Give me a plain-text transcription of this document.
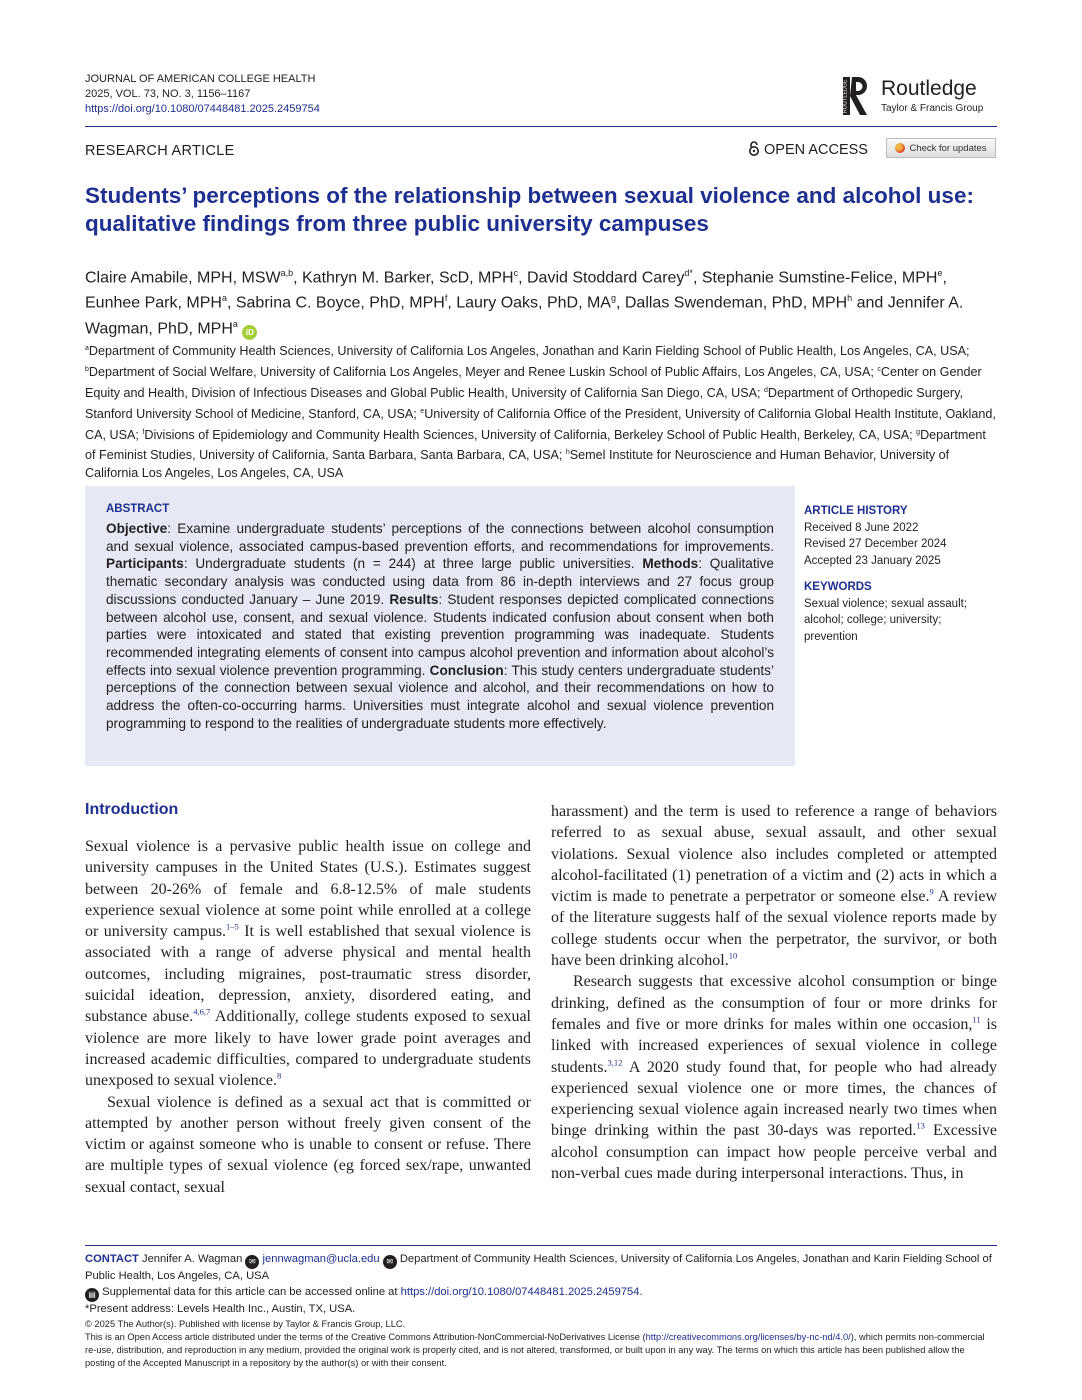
JOURNAL OF AMERICAN COLLEGE HEALTH
2025, VOL. 73, NO. 3, 1156–1167
https://doi.org/10.1080/07448481.2025.2459754	ROUTLEDGE Routledge
Taylor & Francis Group
RESEARCH ARTICLE	OPEN ACCESS	Check for updates
Students’ perceptions of the relationship between sexual violence and alcohol use: qualitative findings from three public university campuses
Claire Amabile, MPH, MSW$^{a,b}$, Kathryn M. Barker, ScD, MPH$^c$, David Stoddard Carey$^{d*}$, Stephanie Sumstine-Felice, MPH$^e$, Eunhee Park, MPH$^a$, Sabrina C. Boyce, PhD, MPH$^f$, Laury Oaks, PhD, $MA^g$, Dallas Swendeman, PhD, MPH$^h$ and Jennifer A. Wagman, PhD, MPH$^a$ iD
$^a$Department of Community Health Sciences, University of California Los Angeles, Jonathan and Karin Fielding School of Public Health, Los Angeles, CA, USA; $^b$Department of Social Welfare, University of California Los Angeles, Meyer and Renee Luskin School of Public Affairs, Los Angeles, CA, USA; $^c$Center on Gender Equity and Health, Division of Infectious Diseases and Global Public Health, University of California San Diego, CA, USA; $^d$Department of Orthopedic Surgery, Stanford University School of Medicine, Stanford, CA, USA; $^e$University of California Office of the President, University of California Global Health Institute, Oakland, CA, USA; $^f$Divisions of Epidemiology and Community Health Sciences, University of California, Berkeley School of Public Health, Berkeley, CA, USA; $^g$Department of Feminist Studies, University of California, Santa Barbara, Santa Barbara, CA, USA; $^h$Semel Institute for Neuroscience and Human Behavior, University of California Los Angeles, Los Angeles, CA, USA
ABSTRACT
Objective: Examine undergraduate students’ perceptions of the connections between alcohol consumption and sexual violence, associated campus-based prevention efforts, and recommendations for improvements. Participants: Undergraduate students (n = 244) at three large public universities. Methods: Qualitative thematic secondary analysis was conducted using data from 86 in-depth interviews and 27 focus group discussions conducted January – June 2019. Results: Student responses depicted complicated connections between alcohol use, consent, and sexual violence. Students indicated confusion about consent when both parties were intoxicated and stated that existing prevention programming was inadequate. Students recommended integrating elements of consent into campus alcohol prevention and information about alcohol’s effects into sexual violence prevention programming. Conclusion: This study centers undergraduate students’ perceptions of the connection between sexual violence and alcohol, and their recommendations on how to address the often-co-occurring harms. Universities must integrate alcohol and sexual violence prevention programming to respond to the realities of undergraduate students more effectively.
ARTICLE HISTORY
Received 8 June 2022
Revised 27 December 2024
Accepted 23 January 2025
KEYWORDS
Sexual violence; sexual assault; alcohol; college; university; prevention
Introduction

Sexual violence is a pervasive public health issue on college and university campuses in the United States (U.S.). Estimates suggest between 20-26% of female and 6.8-12.5% of male students experience sexual violence at some point while enrolled at a college or university campus.$^{1-5}$ It is well established that sexual violence is associated with a range of adverse physical and mental health outcomes, including migraines, post-traumatic stress disorder, suicidal ideation, depression, anxiety, disordered eating, and substance abuse.$^{4,6,7}$ Additionally, college students exposed to sexual violence are more likely to have lower grade point averages and increased academic difficulties, compared to undergraduate students unexposed to sexual violence.$^8$

Sexual violence is defined as a sexual act that is committed or attempted by another person without freely given consent of the victim or against someone who is unable to consent or refuse. There are multiple types of sexual violence (eg forced sex/rape, unwanted sexual contact, sexual

harassment) and the term is used to reference a range of behaviors referred to as sexual abuse, sexual assault, and other sexual violations. Sexual violence also includes completed or attempted alcohol-facilitated (1) penetration of a victim and (2) acts in which a victim is made to penetrate a perpetrator or someone else.$^9$ A review of the literature suggests half of the sexual violence reports made by college students occur when the perpetrator, the survivor, or both have been drinking alcohol.$^{10}$

Research suggests that excessive alcohol consumption or binge drinking, defined as the consumption of four or more drinks for females and five or more drinks for males within one occasion,$^{11}$ is linked with increased experiences of sexual violence in college students.$^{3,12}$ A 2020 study found that, for people who had already experienced sexual violence one or more times, the chances of experiencing sexual violence again increased nearly two times when binge drinking within the past 30-days was reported.$^{13}$ Excessive alcohol consumption can impact how people perceive verbal and non-verbal cues made during interpersonal interactions. Thus, in

CONTACT Jennifer A. Wagman ✉ jennwagman@ucla.edu ✉ Department of Community Health Sciences, University of California Los Angeles, Jonathan and Karin Fielding School of Public Health, Los Angeles, CA, USA
▤ Supplemental data for this article can be accessed online at https://doi.org/10.1080/07448481.2025.2459754.
*Present address: Levels Health Inc., Austin, TX, USA.
© 2025 The Author(s). Published with license by Taylor & Francis Group, LLC.
This is an Open Access article distributed under the terms of the Creative Commons Attribution-NonCommercial-NoDerivatives License (http://creativecommons.org/licenses/by-nc-nd/4.0/), which permits non-commercial re-use, distribution, and reproduction in any medium, provided the original work is properly cited, and is not altered, transformed, or built upon in any way. The terms on which this article has been published allow the posting of the Accepted Manuscript in a repository by the author(s) or with their consent.
